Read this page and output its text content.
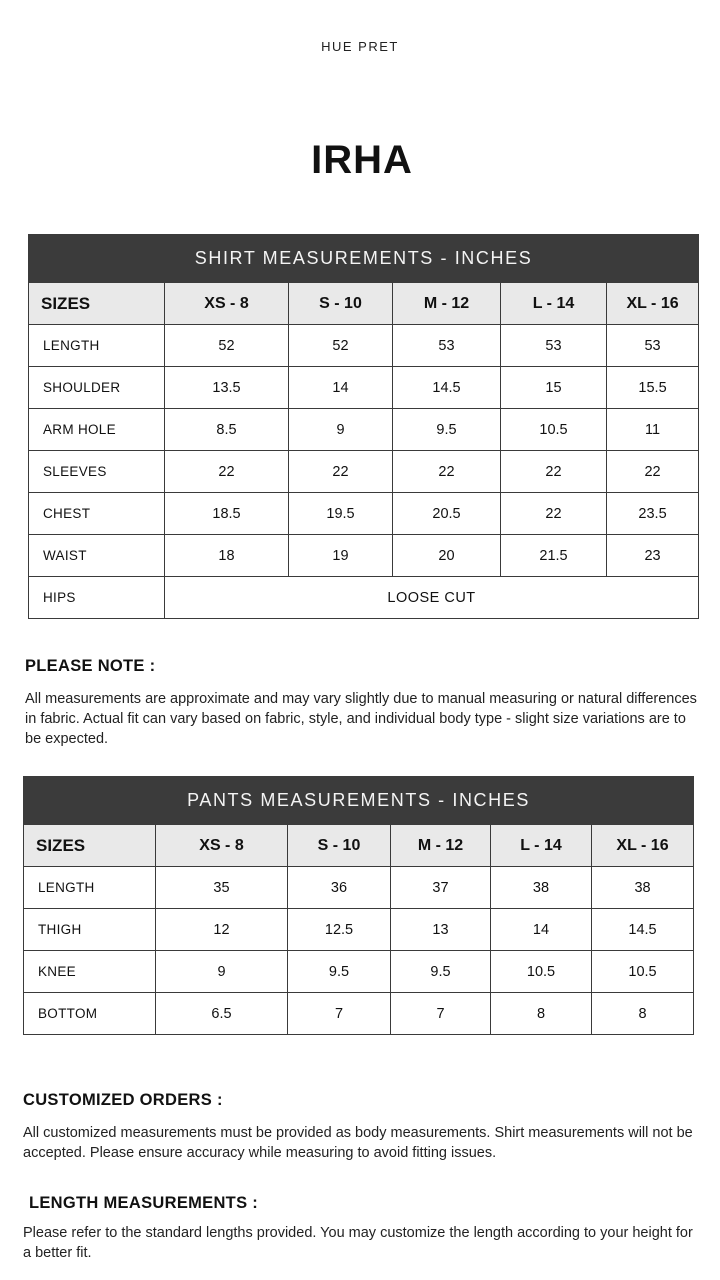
HUE PRET
IRHA
SHIRT MEASUREMENTS - INCHES					
SIZES	XS - 8	S - 10	M - 12	L - 14	XL - 16
LENGTH	52	52	53	53	53
SHOULDER	13.5	14	14.5	15	15.5
ARM HOLE	8.5	9	9.5	10.5	11
SLEEVES	22	22	22	22	22
CHEST	18.5	19.5	20.5	22	23.5
WAIST	18	19	20	21.5	23
HIPS	LOOSE CUT				
PLEASE NOTE :
All measurements are approximate and may vary slightly due to manual measuring or natural differences in fabric. Actual fit can vary based on fabric, style, and individual body type - slight size variations are to be expected.
PANTS MEASUREMENTS - INCHES					
SIZES	XS - 8	S - 10	M - 12	L - 14	XL - 16
LENGTH	35	36	37	38	38
THIGH	12	12.5	13	14	14.5
KNEE	9	9.5	9.5	10.5	10.5
BOTTOM	6.5	7	7	8	8
CUSTOMIZED ORDERS :
All customized measurements must be provided as body measurements. Shirt measurements will not be accepted. Please ensure accuracy while measuring to avoid fitting issues.
LENGTH MEASUREMENTS :
Please refer to the standard lengths provided. You may customize the length according to your height for a better fit.
